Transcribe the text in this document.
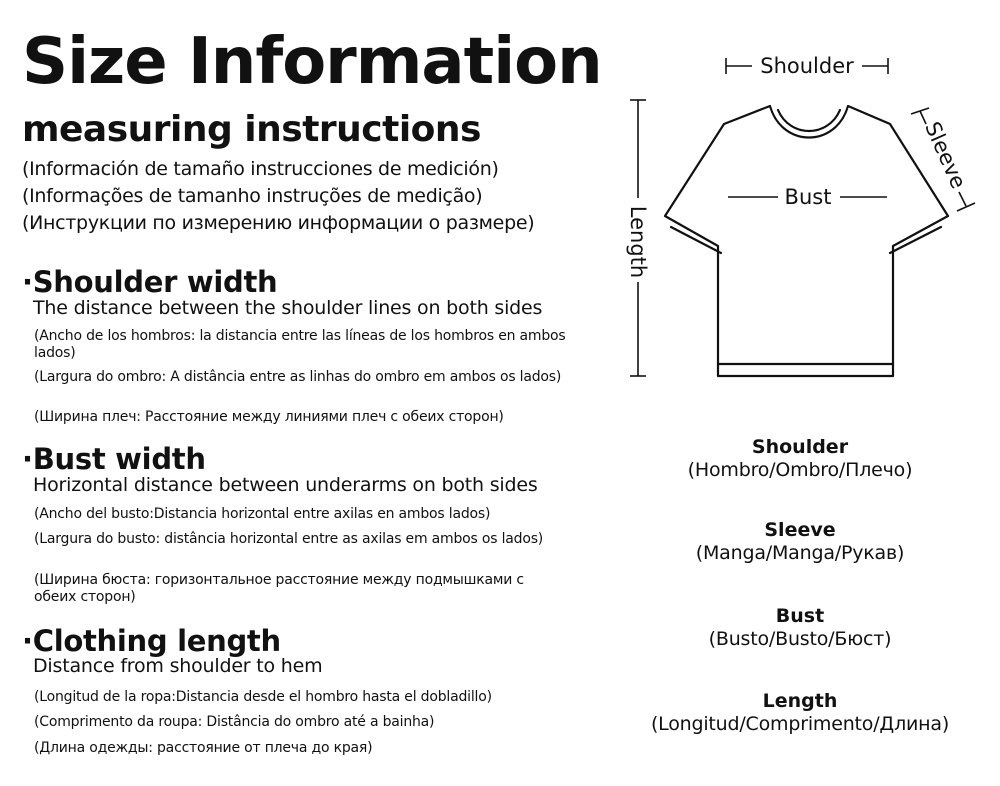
Size Information
measuring instructions
(Información de tamaño instrucciones de medición)
(Informações de tamanho instruções de medição)
(Инструкции по измерению информации о размере)
·Shoulder width
The distance between the shoulder lines on both sides
(Ancho de los hombros: la distancia entre las líneas de los hombros en ambos lados)
(Largura do ombro: A distância entre as linhas do ombro em ambos os lados)
(Ширина плеч: Расстояние между линиями плеч с обеих сторон)
·Bust width
Horizontal distance between underarms on both sides
(Ancho del busto:Distancia horizontal entre axilas en ambos lados)
(Largura do busto: distância horizontal entre as axilas em ambos os lados)
(Ширина бюста: горизонтальное расстояние между подмышками с обеих сторон)
·Clothing length
Distance from shoulder to hem
(Longitud de la ropa:Distancia desde el hombro hasta el dobladillo)
(Comprimento da roupa: Distância do ombro até a bainha)
(Длина одежды: расстояние от плеча до края)
Shoulder
Bust
Length
Sleeve
Shoulder
(Hombro/Ombro/Плечо)
Sleeve
(Manga/Manga/Рукав)
Bust
(Busto/Busto/Бюст)
Length
(Longitud/Comprimento/Длина)
